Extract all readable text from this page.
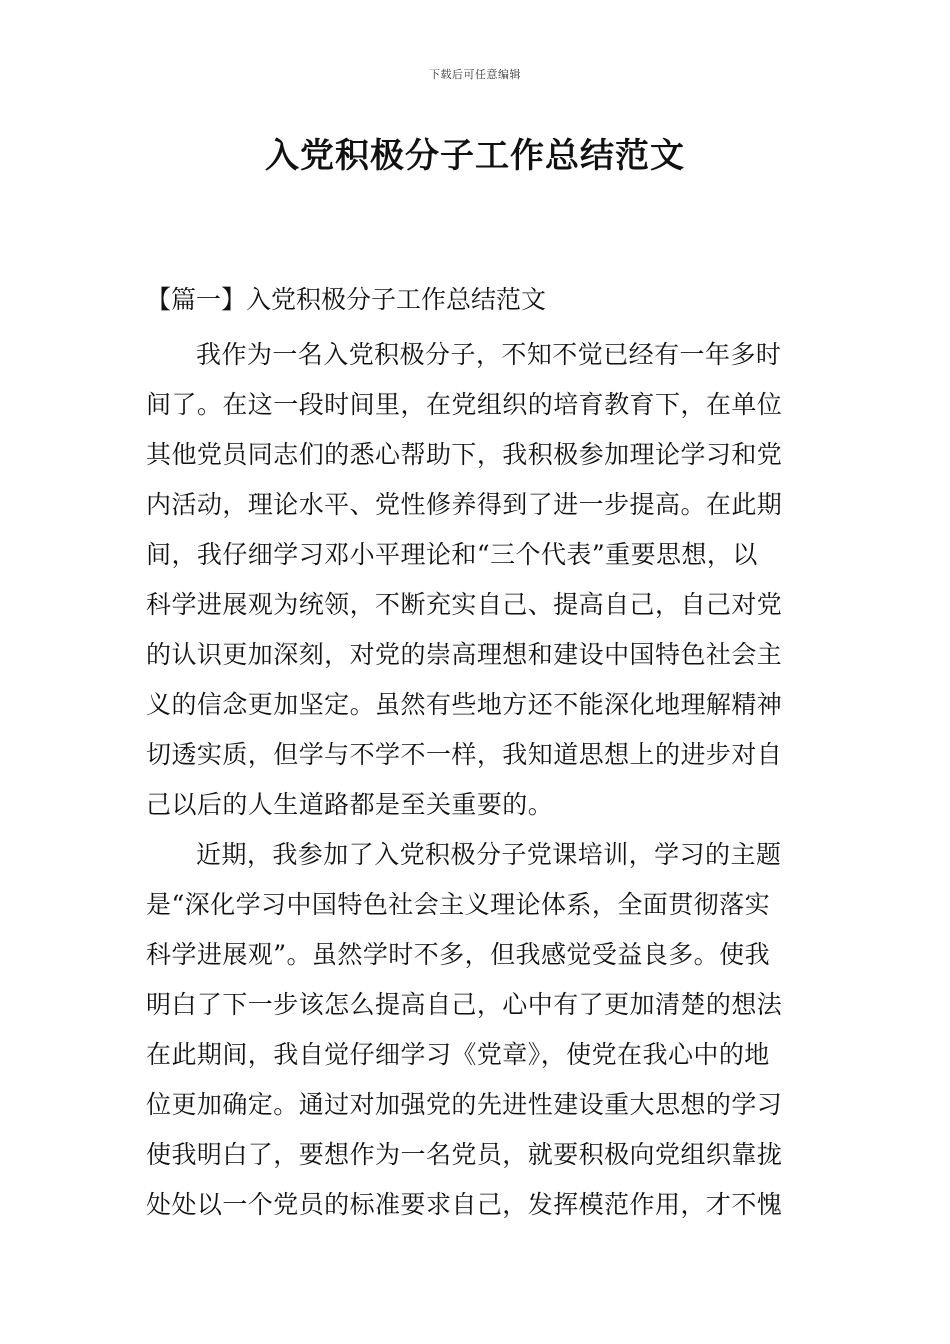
下载后可任意编辑
入党积极分子工作总结范文
【篇一】入党积极分子工作总结范文
我作为一名入党积极分子，不知不觉已经有一年多时
间了。在这一段时间里，在党组织的培育教育下，在单位
其他党员同志们的悉心帮助下，我积极参加理论学习和党
内活动，理论水平、党性修养得到了进一步提高。在此期
间，我仔细学习邓小平理论和“三个代表”重要思想，以
科学进展观为统领，不断充实自己、提高自己，自己对党
的认识更加深刻，对党的崇高理想和建设中国特色社会主
义的信念更加坚定。虽然有些地方还不能深化地理解精神
切透实质，但学与不学不一样，我知道思想上的进步对自
己以后的人生道路都是至关重要的。
近期，我参加了入党积极分子党课培训，学习的主题
是“深化学习中国特色社会主义理论体系，全面贯彻落实
科学进展观”。虽然学时不多，但我感觉受益良多。使我
明白了下一步该怎么提高自己，心中有了更加清楚的想法
在此期间，我自觉仔细学习《党章》，使党在我心中的地
位更加确定。通过对加强党的先进性建设重大思想的学习
使我明白了，要想作为一名党员，就要积极向党组织靠拢
处处以一个党员的标准要求自己，发挥模范作用，才不愧
